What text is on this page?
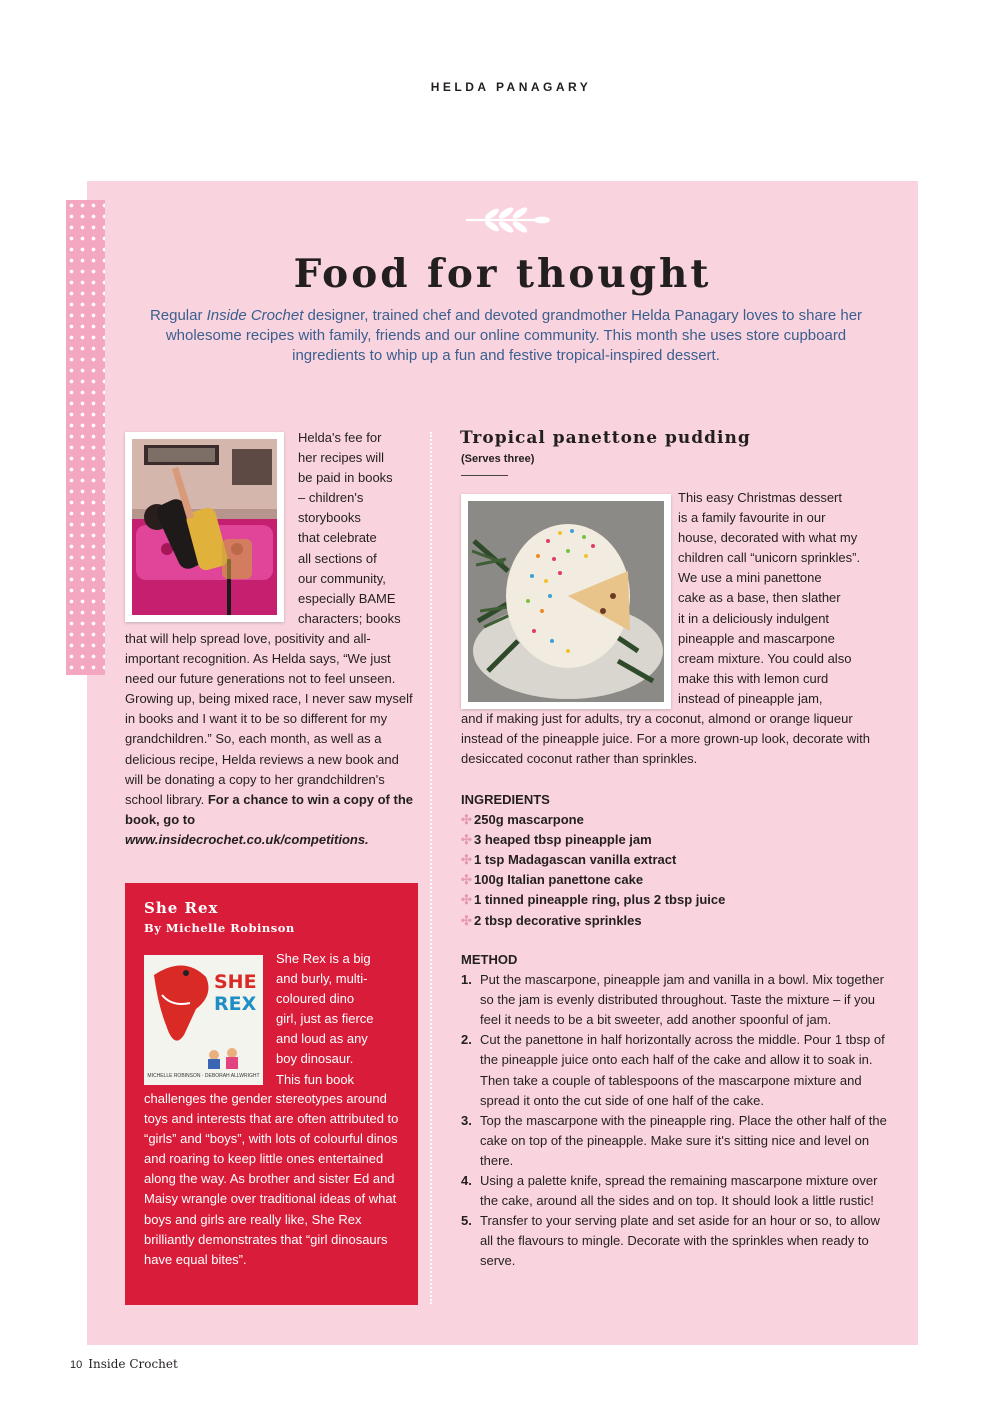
HELDA PANAGARY
Food for thought

Regular Inside Crochet designer, trained chef and devoted grandmother Helda Panagary loves to share her wholesome recipes with family, friends and our online community. This month she uses store cupboard ingredients to whip up a fun and festive tropical-inspired dessert.

Helda's fee for
her recipes will
be paid in books
– children's
storybooks
that celebrate
all sections of
our community,
especially BAME
characters; books
that will help spread love, positivity and all-important recognition. As Helda says, “We just need our future generations not to feel unseen. Growing up, being mixed race, I never saw myself in books and I want it to be so different for my grandchildren.” So, each month, as well as a delicious recipe, Helda reviews a new book and will be donating a copy to her grandchildren's school library. For a chance to win a copy of the book, go to www.insidecrochet.co.uk/competitions.
She Rex
By Michelle Robinson
SHE
REX
MICHELLE ROBINSON · DEBORAH ALLWRIGHT
She Rex is a big
and burly, multi-
coloured dino
girl, just as fierce
and loud as any
boy dinosaur.
This fun book
challenges the gender stereotypes around toys and interests that are often attributed to “girls” and “boys”, with lots of colourful dinos and roaring to keep little ones entertained along the way. As brother and sister Ed and Maisy wrangle over traditional ideas of what boys and girls are really like, She Rex brilliantly demonstrates that “girl dinosaurs have equal bites”.
Tropical panettone pudding
(Serves three)
This easy Christmas dessert
is a family favourite in our
house, decorated with what my
children call “unicorn sprinkles”.
We use a mini panettone
cake as a base, then slather
it in a deliciously indulgent
pineapple and mascarpone
cream mixture. You could also
make this with lemon curd
instead of pineapple jam,
and if making just for adults, try a coconut, almond or orange liqueur instead of the pineapple juice. For a more grown-up look, decorate with desiccated coconut rather than sprinkles.
INGREDIENTS
✣ 250g mascarpone
✣ 3 heaped tbsp pineapple jam
✣ 1 tsp Madagascan vanilla extract
✣ 100g Italian panettone cake
✣ 1 tinned pineapple ring, plus 2 tbsp juice
✣ 2 tbsp decorative sprinkles
METHOD
1. Put the mascarpone, pineapple jam and vanilla in a bowl. Mix together so the jam is evenly distributed throughout. Taste the mixture – if you feel it needs to be a bit sweeter, add another spoonful of jam.
2. Cut the panettone in half horizontally across the middle. Pour 1 tbsp of the pineapple juice onto each half of the cake and allow it to soak in. Then take a couple of tablespoons of the mascarpone mixture and spread it onto the cut side of one half of the cake.
3. Top the mascarpone with the pineapple ring. Place the other half of the cake on top of the pineapple. Make sure it's sitting nice and level on there.
4. Using a palette knife, spread the remaining mascarpone mixture over the cake, around all the sides and on top. It should look a little rustic!
5. Transfer to your serving plate and set aside for an hour or so, to allow all the flavours to mingle. Decorate with the sprinkles when ready to serve.
10 Inside Crochet
